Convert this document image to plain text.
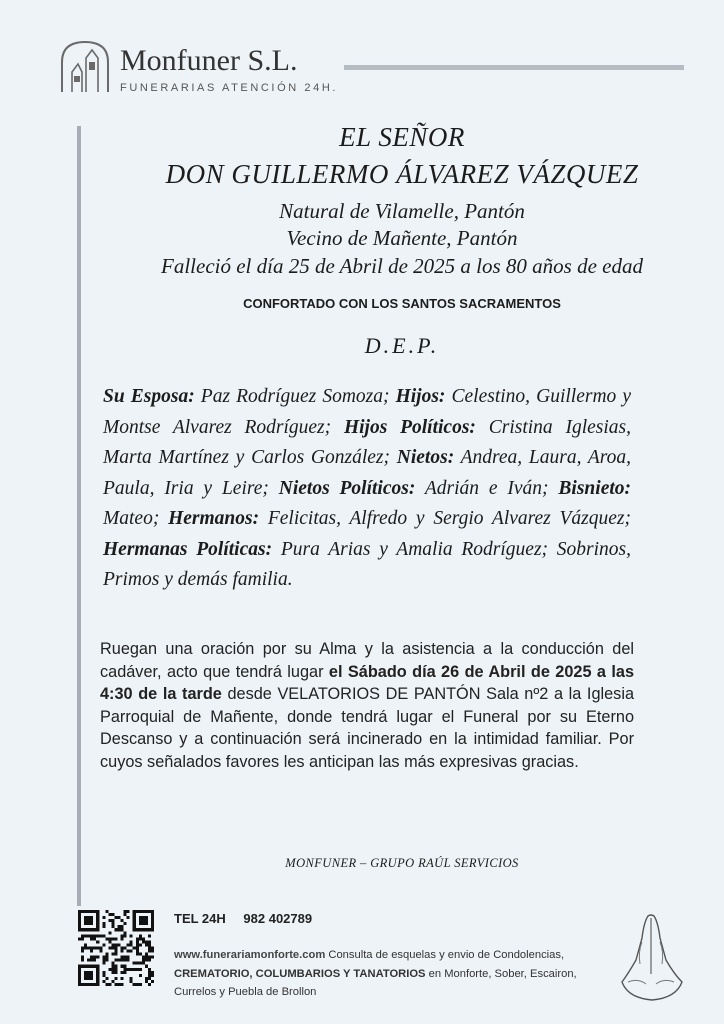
Monfuner S.L.
FUNERARIAS ATENCIÓN 24H.
EL SEÑOR
DON GUILLERMO ÁLVAREZ VÁZQUEZ
Natural de Vilamelle, Pantón
Vecino de Mañente, Pantón
Falleció el día 25 de Abril de 2025 a los 80 años de edad
CONFORTADO CON LOS SANTOS SACRAMENTOS
D.E.P.
Su Esposa: Paz Rodríguez Somoza; Hijos: Celestino, Guillermo y Montse Alvarez Rodríguez; Hijos Políticos: Cristina Iglesias, Marta Martínez y Carlos González; Nietos: Andrea, Laura, Aroa, Paula, Iria y Leire; Nietos Políticos: Adrián e Iván; Bisnieto: Mateo; Hermanos: Felicitas, Alfredo y Sergio Alvarez Vázquez; Hermanas Políticas: Pura Arias y Amalia Rodríguez; Sobrinos, Primos y demás familia.
Ruegan una oración por su Alma y la asistencia a la conducción del cadáver, acto que tendrá lugar el Sábado día 26 de Abril de 2025 a las 4:30 de la tarde desde VELATORIOS DE PANTÓN Sala nº2 a la Iglesia Parroquial de Mañente, donde tendrá lugar el Funeral por su Eterno Descanso y a continuación será incinerado en la intimidad familiar. Por cuyos señalados favores les anticipan las más expresivas gracias.
MONFUNER – GRUPO RAÚL SERVICIOS
TEL 24H 982 402789
www.funerariamonforte.com Consulta de esquelas y envio de Condolencias, CREMATORIO, COLUMBARIOS Y TANATORIOS en Monforte, Sober, Escairon, Currelos y Puebla de Brollon
